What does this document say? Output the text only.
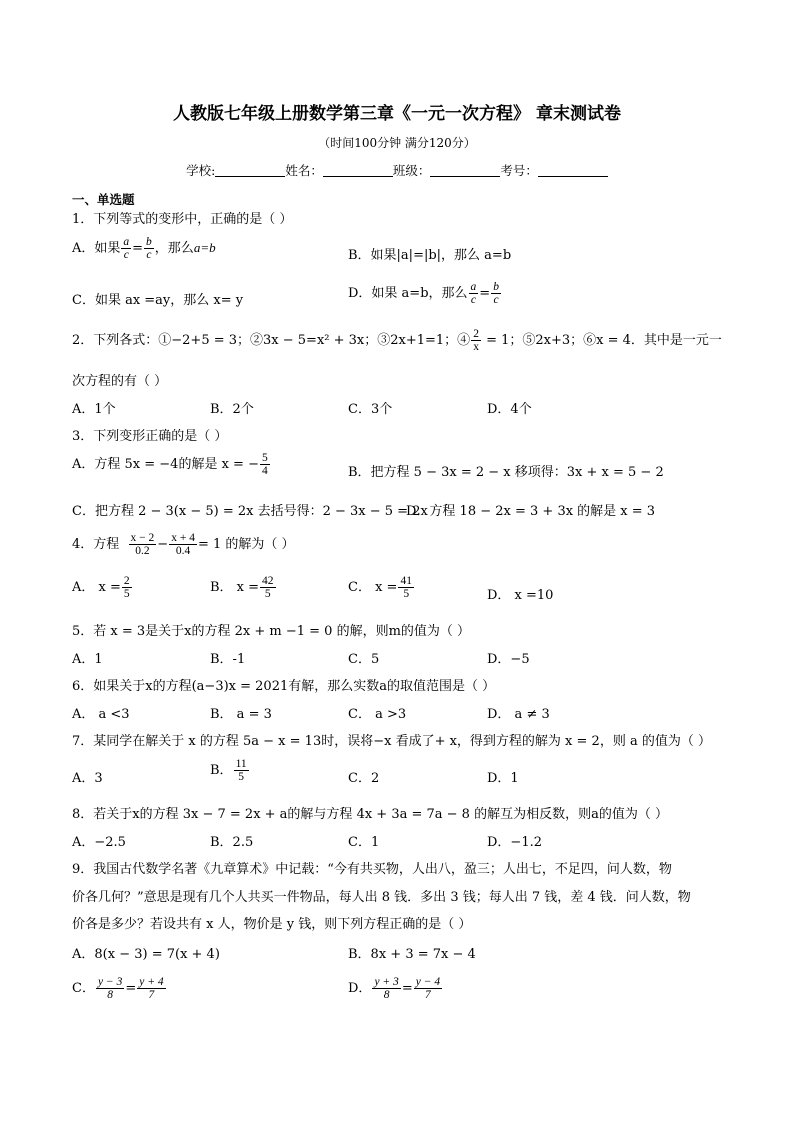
人教版七年级上册数学第三章《一元一次方程》 章末测试卷
（时间100分钟 满分120分）
学校:	姓名：	班级：	考号：
一、单选题
1．下列等式的变形中，正确的是（ ）
A．如果 $\frac{a}{c} = \frac{b}{c}$ ，那么a=b
B．如果|a|=|b|，那么 a=b
C．如果 ax =ay，那么 x= y	D．如果 a=b，那么 $\frac{a}{c} = \frac{b}{c}$
2．下列各式：①−2+5 = 3；②3x − 5=x² + 3x；③2x+1=1；④ $\frac{2}{x} = 1$；⑤2x+3；⑥x = 4．其中是一元一
次方程的有（ ）
A．1个	B．2个	C．3个	D．4个
3．下列变形正确的是（ ）
A．方程 5x = −4的解是 x = − $\frac{5}{4}$	B．把方程 5 − 3x = 2 − x 移项得：3x + x = 5 − 2
C．把方程 2 − 3(x − 5) = 2x 去括号得：2 − 3x − 5 = 2x
D．方程 18 − 2x = 3 + 3x 的解是 x = 3
4．方程 $\frac{x - 2}{0.2} - \frac{x + 4}{0.4} = 1$ 的解为（ ）
A． $x = \frac{2}{5}$	B． $x = \frac{42}{5}$	C． $x = \frac{41}{5}$	D． x =10
5．若 x = 3是关于x的方程 2x + m −1 = 0 的解，则m的值为（ ）
A．1	B．-1	C．5	D．−5
6．如果关于x的方程(a−3)x = 2021有解，那么实数a的取值范围是（ ）
A． a <3	B． a = 3	C． a >3	D． a ≠ 3
7．某同学在解关于 x 的方程 5a − x = 13时，误将−x 看成了+ x，得到方程的解为 x = 2，则 a 的值为（ ）
A．3
B． $\frac{11}{5}$	C．2	D．1
8．若关于x的方程 3x − 7 = 2x + a的解与方程 4x + 3a = 7a − 8 的解互为相反数，则a的值为（ ）
A．−2.5	B．2.5	C．1	D．−1.2
9．我国古代数学名著《九章算术》中记载：“今有共买物，人出八，盈三；人出七，不足四，问人数，物
价各几何？”意思是现有几个人共买一件物品，每人出 8 钱．多出 3 钱；每人出 7 钱，差 4 钱．问人数，物
价各是多少？若设共有 x 人，物价是 y 钱，则下列方程正确的是（ ）
A．8(x − 3) = 7(x + 4)	B．8x + 3 = 7x − 4
C． $\frac{y - 3}{8} = \frac{y + 4}{7}$	D． $\frac{y + 3}{8} = \frac{y - 4}{7}$
